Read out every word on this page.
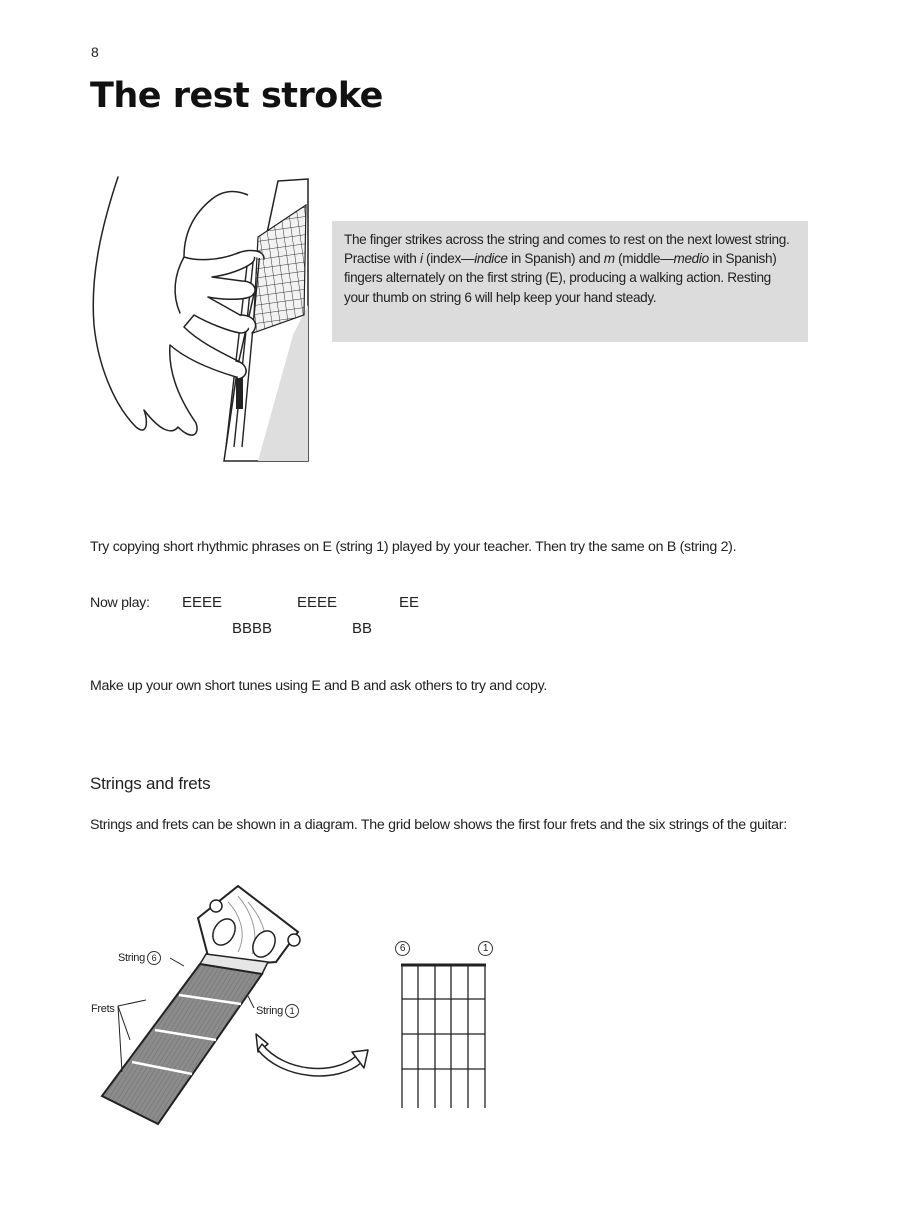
8
The rest stroke
The finger strikes across the string and comes to rest on the next lowest string. Practise with i (index—indice in Spanish) and m (middle—medio in Spanish) fingers alternately on the first string (E), producing a walking action. Resting your thumb on string 6 will help keep your hand steady.
Try copying short rhythmic phrases on E (string 1) played by your teacher. Then try the same on B (string 2).
Now play: EEEE
BBBB
EEEE
BB
EE
Make up your own short tunes using E and B and ask others to try and copy.
Strings and frets
Strings and frets can be shown in a diagram. The grid below shows the first four frets and the six strings of the guitar:
String 6
Frets	String 1
6	1
